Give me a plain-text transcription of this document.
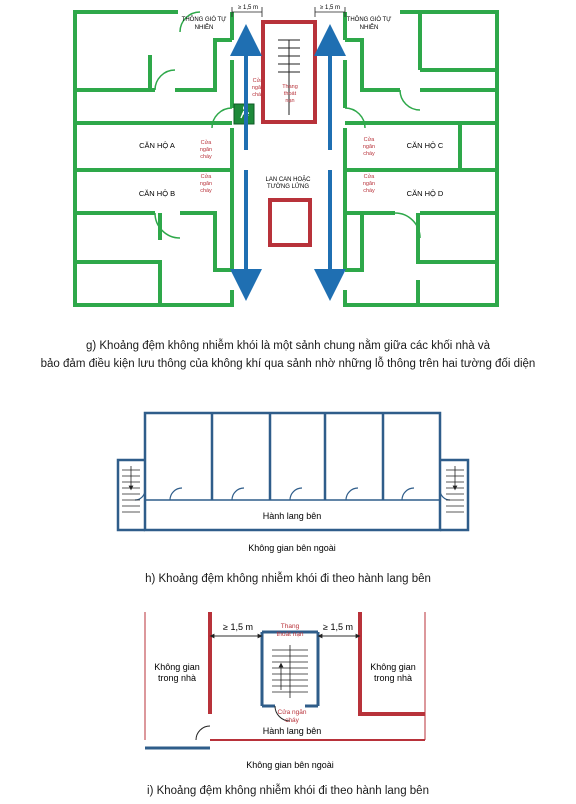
THÔNG GIÓ TỰ
NHIÊN
THÔNG GIÓ TỰ
NHIÊN
≥ 1,5 m	≥ 1,5 m
Thang
thoát
nạn
Cửa
ngăn
cháy
Cửa
ngăn
cháy
Cửa
ngăn
cháy
Cửa
ngăn
cháy
Cửa
ngăn
cháy
CĂN HỘ A
CĂN HỘ B
CĂN HỘ C
CĂN HỘ D
LAN CAN HOẶC
TƯỜNG LỬNG
Hành lang bên
Không gian bên ngoài
≥ 1,5 m	≥ 1,5 m
Thang
thoát nạn
Không gian
trong nhà
Không gian
trong nhà
Cửa ngăn
cháy
Hành lang bên
Không gian bên ngoài
g) Khoảng đệm không nhiễm khói là một sảnh chung nằm giữa các khối nhà và
bảo đảm điều kiện lưu thông của không khí qua sảnh nhờ những lỗ thông trên hai tường đối diện
h) Khoảng đệm không nhiễm khói đi theo hành lang bên
i) Khoảng đệm không nhiễm khói đi theo hành lang bên
